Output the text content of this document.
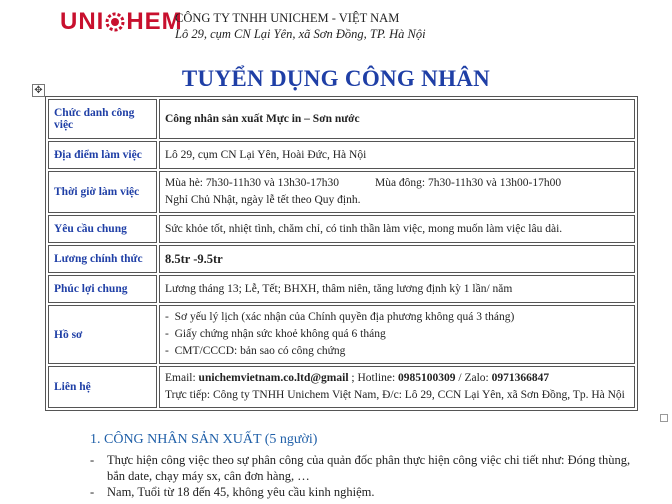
UNI HEM
CÔNG TY TNHH UNICHEM - VIỆT NAM
Lô 29, cụm CN Lại Yên, xã Sơn Đồng, TP. Hà Nội
✥	TUYỂN DỤNG CÔNG NHÂN
Chức danh công việc	Công nhân sản xuất Mực in – Sơn nước
Địa điểm làm việc	Lô 29, cụm CN Lại Yên, Hoài Đức, Hà Nội
Thời giờ làm việc	Mùa hè: 7h30-11h30 và 13h30-17h30 Mùa đông: 7h30-11h30 và 13h00-17h00
Nghỉ Chủ Nhật, ngày lễ tết theo Quy định.

Yêu cầu chung	Sức khỏe tốt, nhiệt tình, chăm chỉ, có tinh thần làm việc, mong muốn làm việc lâu dài.
Lương chính thức	8.5tr -9.5tr
Phúc lợi chung	Lương tháng 13; Lễ, Tết; BHXH, thâm niên, tăng lương định kỳ 1 lần/ năm
Hồ sơ	-  Sơ yếu lý lịch (xác nhận của Chính quyền địa phương không quá 3 tháng)
-  Giấy chứng nhận sức khoẻ không quá 6 tháng
-  CMT/CCCD: bản sao có công chứng

Liên hệ	Email: unichemvietnam.co.ltd@gmail ; Hotline: 0985100309 / Zalo: 0971366847
Trực tiếp: Công ty TNHH Unichem Việt Nam, Đ/c: Lô 29, CCN Lại Yên, xã Sơn Đồng, Tp. Hà Nội
1. CÔNG NHÂN SẢN XUẤT (5 người)
-	Thực hiện công việc theo sự phân công của quản đốc phân thực hiện công việc chi tiết như: Đóng thùng,
bắn date, chạy máy sx, cân đơn hàng, …
-	Nam, Tuổi từ 18 đến 45, không yêu cầu kinh nghiệm.
